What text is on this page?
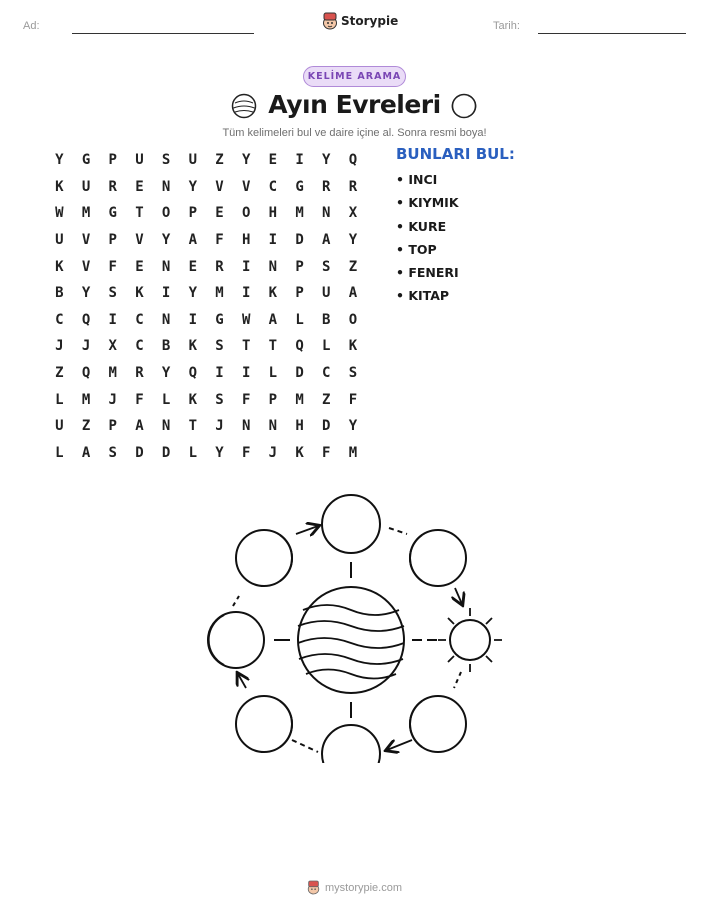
Ad:	Storypie	Tarih:
KELİME ARAMA
Ayın Evreleri
Tüm kelimeleri bul ve daire içine al. Sonra resmi boya!
Y	G	P	U	S	U	Z	Y	E	I	Y	Q
K	U	R	E	N	Y	V	V	C	G	R	R
W	M	G	T	O	P	E	O	H	M	N	X
U	V	P	V	Y	A	F	H	I	D	A	Y
K	V	F	E	N	E	R	I	N	P	S	Z
B	Y	S	K	I	Y	M	I	K	P	U	A
C	Q	I	C	N	I	G	W	A	L	B	O
J	J	X	C	B	K	S	T	T	Q	L	K
Z	Q	M	R	Y	Q	I	I	L	D	C	S
L	M	J	F	L	K	S	F	P	M	Z	F
U	Z	P	A	N	T	J	N	N	H	D	Y
L	A	S	D	D	L	Y	F	J	K	F	M
BUNLARI BUL:
• INCI
• KIYMIK
• KURE
• TOP
• FENERI
• KITAP
mystorypie.com
